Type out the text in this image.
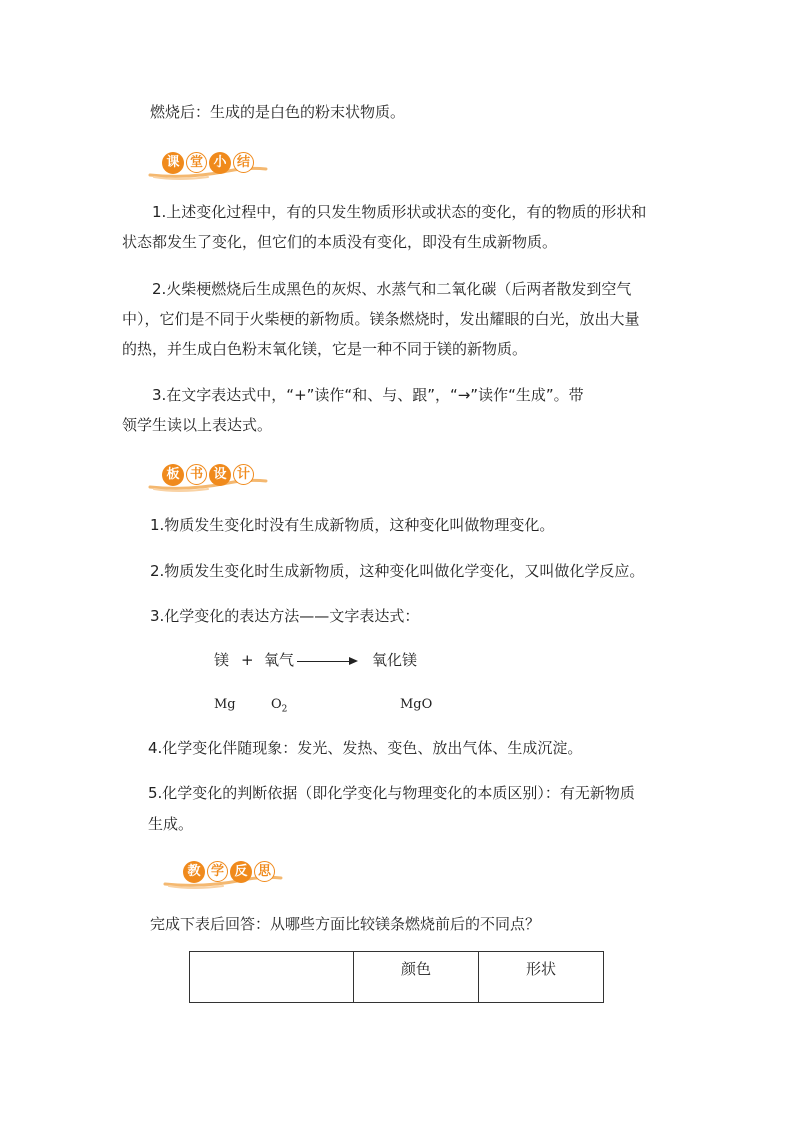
燃烧后：生成的是白色的粉末状物质。
课 堂 小 结
1.上述变化过程中，有的只发生物质形状或状态的变化，有的物质的形状和
状态都发生了变化，但它们的本质没有变化，即没有生成新物质。
2.火柴梗燃烧后生成黑色的灰烬、水蒸气和二氧化碳（后两者散发到空气
中），它们是不同于火柴梗的新物质。镁条燃烧时，发出耀眼的白光，放出大量
的热，并生成白色粉末氧化镁，它是一种不同于镁的新物质。
3.在文字表达式中，“+”读作“和、与、跟”，“→”读作“生成”。带
领学生读以上表达式。
板 书 设 计
1.物质发生变化时没有生成新物质，这种变化叫做物理变化。
2.物质发生变化时生成新物质，这种变化叫做化学变化，又叫做化学反应。
3.化学变化的表达方法——文字表达式：
镁 + 氧气	氧化镁
Mg	$O_2$	MgO
4.化学变化伴随现象：发光、发热、变色、放出气体、生成沉淀。
5.化学变化的判断依据（即化学变化与物理变化的本质区别）：有无新物质
生成。
教 学 反 思
完成下表后回答：从哪些方面比较镁条燃烧前后的不同点？
	颜色	形状
